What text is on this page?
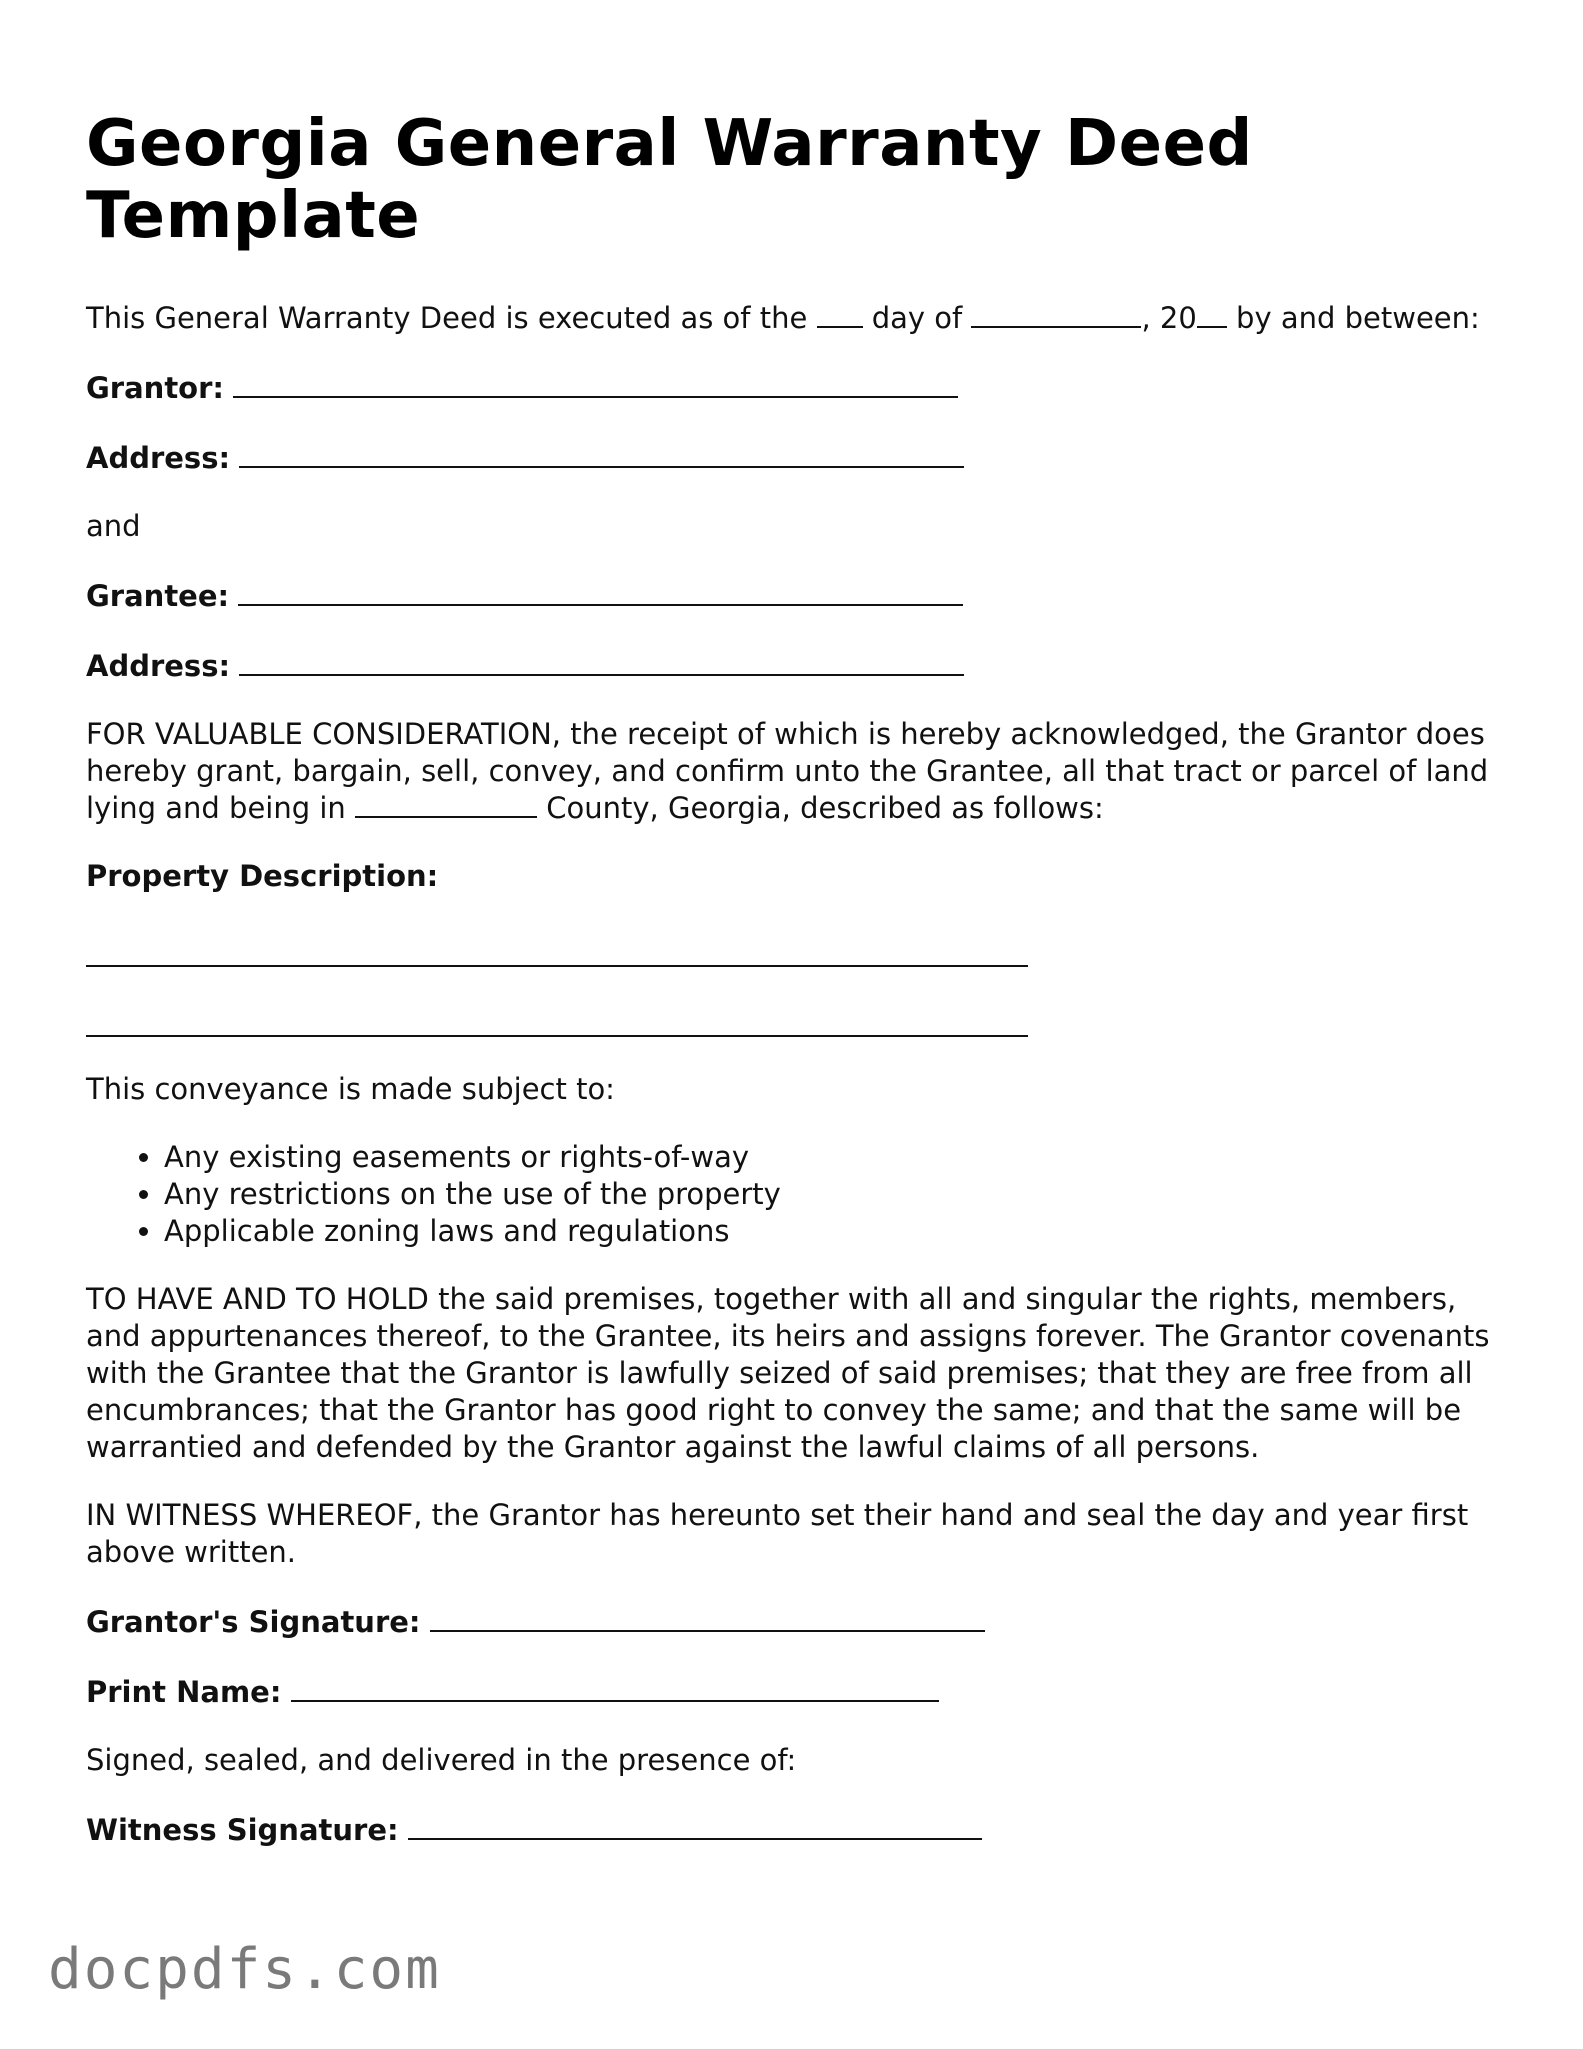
Georgia General Warranty Deed Template

This General Warranty Deed is executed as of the day of	, 20 by and between:

Grantor:
Address:

and

Grantee:
Address:

FOR VALUABLE CONSIDERATION, the receipt of which is hereby acknowledged, the Grantor does hereby grant, bargain, sell, convey, and confirm unto the Grantee, all that tract or parcel of land lying and being in	County, Georgia, described as follows:

Property Description:

This conveyance is made subject to:

• Any existing easements or rights-of-way
• Any restrictions on the use of the property
• Applicable zoning laws and regulations

TO HAVE AND TO HOLD the said premises, together with all and singular the rights, members, and appurtenances thereof, to the Grantee, its heirs and assigns forever. The Grantor covenants with the Grantee that the Grantor is lawfully seized of said premises; that they are free from all encumbrances; that the Grantor has good right to convey the same; and that the same will be warrantied and defended by the Grantor against the lawful claims of all persons.

IN WITNESS WHEREOF, the Grantor has hereunto set their hand and seal the day and year first above written.

Grantor's Signature:
Print Name:

Signed, sealed, and delivered in the presence of:

Witness Signature:
docpdfs.com
